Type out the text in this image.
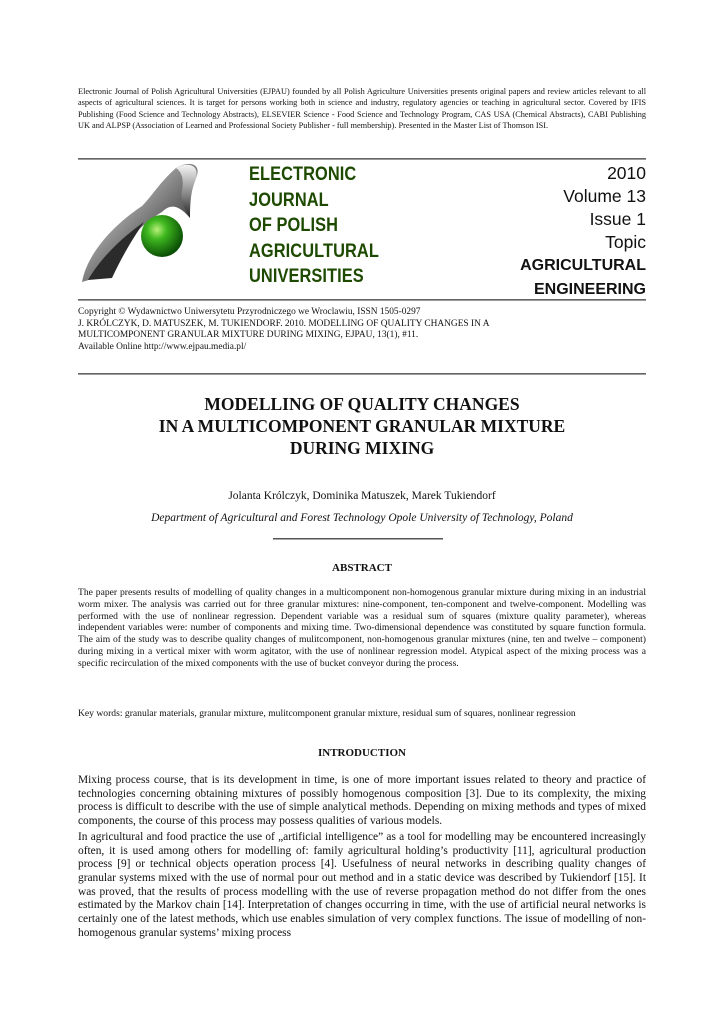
Electronic Journal of Polish Agricultural Universities (EJPAU) founded by all Polish Agriculture Universities presents original papers and review articles relevant to all aspects of agricultural sciences. It is target for persons working both in science and industry, regulatory agencies or teaching in agricultural sector. Covered by IFIS Publishing (Food Science and Technology Abstracts), ELSEVIER Science - Food Science and Technology Program, CAS USA (Chemical Abstracts), CABI Publishing UK and ALPSP (Association of Learned and Professional Society Publisher - full membership). Presented in the Master List of Thomson ISI.
ELECTRONIC
JOURNAL
OF POLISH
AGRICULTURAL
UNIVERSITIES
2010
Volume 13
Issue 1
Topic
AGRICULTURAL
ENGINEERING
Copyright © Wydawnictwo Uniwersytetu Przyrodniczego we Wroclawiu, ISSN 1505-0297
J. KRÓLCZYK, D. MATUSZEK, M. TUKIENDORF. 2010. MODELLING OF QUALITY CHANGES IN A
MULTICOMPONENT GRANULAR MIXTURE DURING MIXING, EJPAU, 13(1), #11.
Available Online http://www.ejpau.media.pl/
MODELLING OF QUALITY CHANGES
IN A MULTICOMPONENT GRANULAR MIXTURE
DURING MIXING
Jolanta Królczyk, Dominika Matuszek, Marek Tukiendorf
Department of Agricultural and Forest Technology Opole University of Technology, Poland
ABSTRACT
The paper presents results of modelling of quality changes in a multicomponent non-homogenous granular mixture during mixing in an industrial worm mixer. The analysis was carried out for three granular mixtures: nine-component, ten-component and twelve-component. Modelling was performed with the use of nonlinear regression. Dependent variable was a residual sum of squares (mixture quality parameter), whereas independent variables were: number of components and mixing time. Two-dimensional dependence was constituted by square function formula. The aim of the study was to describe quality changes of mulitcomponent, non-homogenous granular mixtures (nine, ten and twelve – component) during mixing in a vertical mixer with worm agitator, with the use of nonlinear regression model. Atypical aspect of the mixing process was a specific recirculation of the mixed components with the use of bucket conveyor during the process.
Key words: granular materials, granular mixture, mulitcomponent granular mixture, residual sum of squares, nonlinear regression
INTRODUCTION

Mixing process course, that is its development in time, is one of more important issues related to theory and practice of technologies concerning obtaining mixtures of possibly homogenous composition [3]. Due to its complexity, the mixing process is difficult to describe with the use of simple analytical methods. Depending on mixing methods and types of mixed components, the course of this process may possess qualities of various models.

In agricultural and food practice the use of „artificial intelligence” as a tool for modelling may be encountered increasingly often, it is used among others for modelling of: family agricultural holding’s productivity [11], agricultural production process [9] or technical objects operation process [4]. Usefulness of neural networks in describing quality changes of granular systems mixed with the use of normal pour out method and in a static device was described by Tukiendorf [15]. It was proved, that the results of process modelling with the use of reverse propagation method do not differ from the ones estimated by the Markov chain [14]. Interpretation of changes occurring in time, with the use of artificial neural networks is certainly one of the latest methods, which use enables simulation of very complex functions. The issue of modelling of non-homogenous granular systems’ mixing process
